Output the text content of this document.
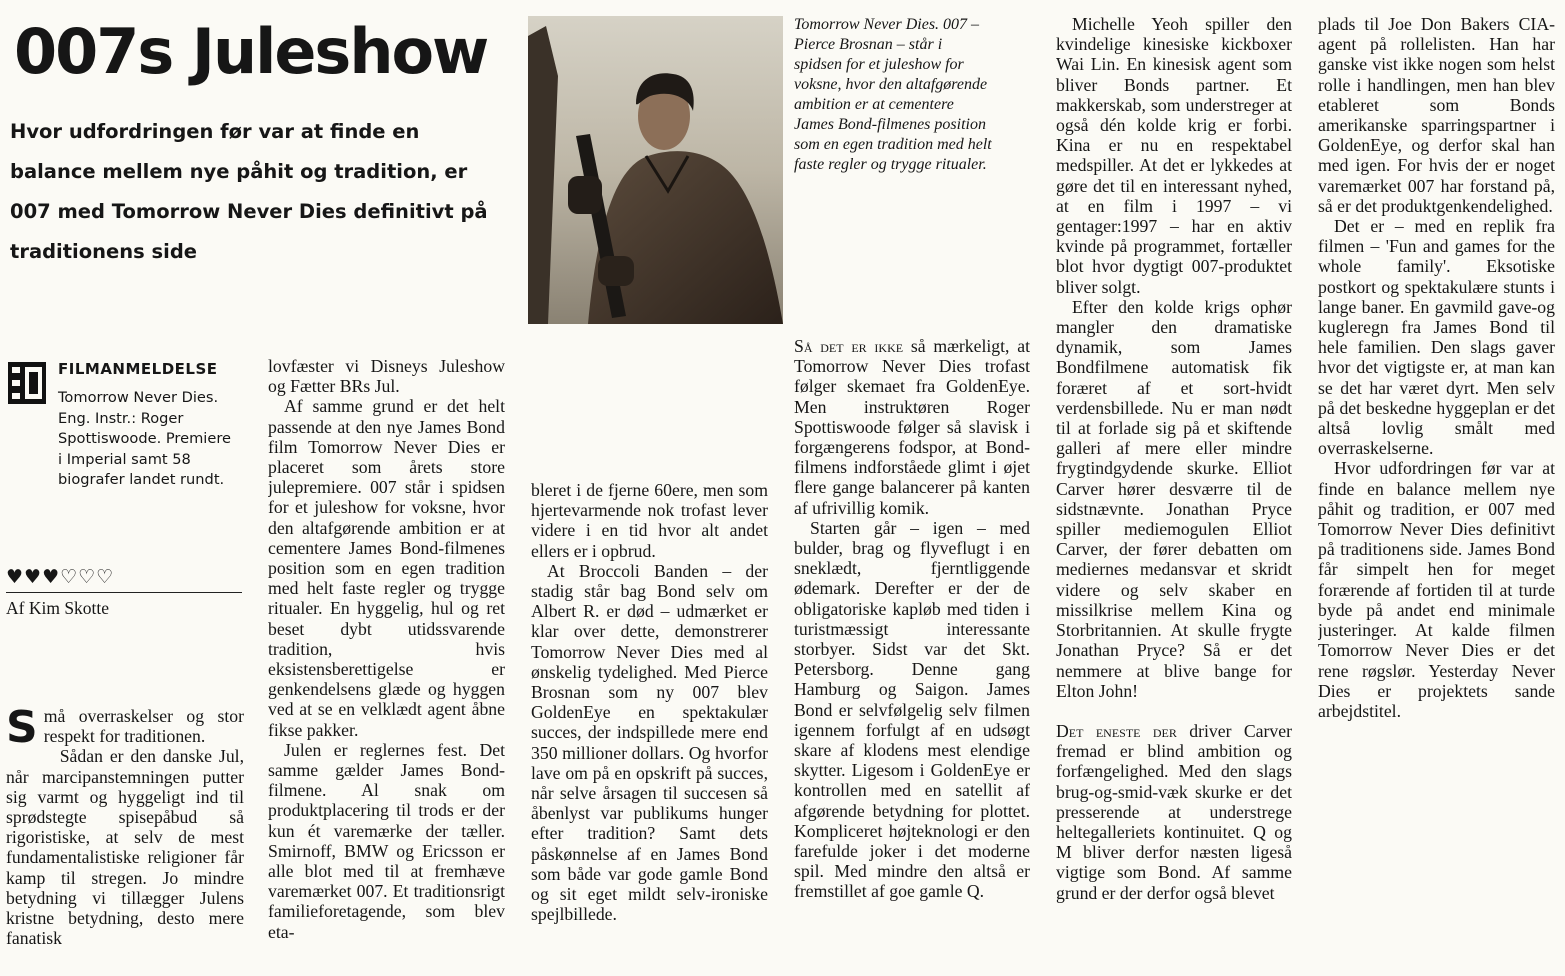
007s Juleshow

Hvor udfordringen før var at finde en balance mellem nye påhit og tradition, er 007 med Tomorrow Never Dies definitivt på traditionens side

Tomorrow Never Dies. 007 – Pierce Brosnan – står i spidsen for et juleshow for voksne, hvor den altafgørende ambition er at cementere James Bond-filmenes position som en egen tradition med helt faste regler og trygge ritualer.

FILMANMELDELSE

Tomorrow Never Dies. Eng. Instr.: Roger Spottiswoode. Premiere i Imperial samt 58 biografer landet rundt.

♥♥♥♡♡♡

Af Kim Skotte

Små overraskelser og stor respekt for traditionen.

Sådan er den danske Jul, når marcipanstemningen putter sig varmt og hyggeligt ind til sprødstegte spisepåbud så rigoristiske, at selv de mest fundamentalistiske religioner får kamp til stregen. Jo mindre betydning vi tillægger Julens kristne betydning, desto mere fanatisk

lovfæster vi Disneys Juleshow og Fætter BRs Jul.

Af samme grund er det helt passende at den nye James Bond film Tomorrow Never Dies er placeret som årets store julepremiere. 007 står i spidsen for et juleshow for voksne, hvor den altafgørende ambition er at cementere James Bond-filmenes position som en egen tradition med helt faste regler og trygge ritualer. En hyggelig, hul og ret beset dybt utidssvarende tradition, hvis eksistensberettigelse er genkendelsens glæde og hyggen ved at se en velklædt agent åbne fikse pakker.

Julen er reglernes fest. Det samme gælder James Bond-filmene. Al snak om produktplacering til trods er der kun ét varemærke der tæller. Smirnoff, BMW og Ericsson er alle blot med til at fremhæve varemærket 007. Et traditionsrigt familieforetagende, som blev eta-

bleret i de fjerne 60ere, men som hjertevarmende nok trofast lever videre i en tid hvor alt andet ellers er i opbrud.

At Broccoli Banden – der stadig står bag Bond selv om Albert R. er død – udmærket er klar over dette, demonstrerer Tomorrow Never Dies med al ønskelig tydelighed. Med Pierce Brosnan som ny 007 blev GoldenEye en spektakulær succes, der indspillede mere end 350 millioner dollars. Og hvorfor lave om på en opskrift på succes, når selve årsagen til succesen så åbenlyst var publikums hunger efter tradition? Samt dets påskønnelse af en James Bond som både var gode gamle Bond og sit eget mildt selv-ironiske spejlbillede.

Så det er ikke så mærkeligt, at Tomorrow Never Dies trofast følger skemaet fra GoldenEye. Men instruktøren Roger Spottiswoode følger så slavisk i forgængerens fodspor, at Bond-filmens indforståede glimt i øjet flere gange balancerer på kanten af ufrivillig komik.

Starten går – igen – med bulder, brag og flyveflugt i en sneklædt, fjerntliggende ødemark. Derefter er der de obligatoriske kapløb med tiden i turistmæssigt interessante storbyer. Sidst var det Skt. Petersborg. Denne gang Hamburg og Saigon. James Bond er selvfølgelig selv filmen igennem forfulgt af en udsøgt skare af klodens mest elendige skytter. Ligesom i GoldenEye er kontrollen med en satellit af afgørende betydning for plottet. Kompliceret højteknologi er den farefulde joker i det moderne spil. Med mindre den altså er fremstillet af goe gamle Q.

Michelle Yeoh spiller den kvindelige kinesiske kickboxer Wai Lin. En kinesisk agent som bliver Bonds partner. Et makkerskab, som understreger at også dén kolde krig er forbi. Kina er nu en respektabel medspiller. At det er lykkedes at gøre det til en interessant nyhed, at en film i 1997 – vi gentager:1997 – har en aktiv kvinde på programmet, fortæller blot hvor dygtigt 007-produktet bliver solgt.

Efter den kolde krigs ophør mangler den dramatiske dynamik, som James Bondfilmene automatisk fik foræret af et sort-hvidt verdensbillede. Nu er man nødt til at forlade sig på et skiftende galleri af mere eller mindre frygtindgydende skurke. Elliot Carver hører desværre til de sidstnævnte. Jonathan Pryce spiller mediemogulen Elliot Carver, der fører debatten om mediernes medansvar et skridt videre og selv skaber en missilkrise mellem Kina og Storbritannien. At skulle frygte Jonathan Pryce? Så er det nemmere at blive bange for Elton John!

Det eneste der driver Carver fremad er blind ambition og forfængelighed. Med den slags brug-og-smid-væk skurke er det presserende at understrege heltegalleriets kontinuitet. Q og M bliver derfor næsten ligeså vigtige som Bond. Af samme grund er der derfor også blevet

plads til Joe Don Bakers CIA-agent på rollelisten. Han har ganske vist ikke nogen som helst rolle i handlingen, men han blev etableret som Bonds amerikanske sparringspartner i GoldenEye, og derfor skal han med igen. For hvis der er noget varemærket 007 har forstand på, så er det produktgenkendelighed.

Det er – med en replik fra filmen – 'Fun and games for the whole family'. Eksotiske postkort og spektakulære stunts i lange baner. En gavmild gave-og kugleregn fra James Bond til hele familien. Den slags gaver hvor det vigtigste er, at man kan se det har været dyrt. Men selv på det beskedne hyggeplan er det altså lovlig smålt med overraskelserne.

Hvor udfordringen før var at finde en balance mellem nye påhit og tradition, er 007 med Tomorrow Never Dies definitivt på traditionens side. James Bond får simpelt hen for meget forærende af fortiden til at turde byde på andet end minimale justeringer. At kalde filmen Tomorrow Never Dies er det rene røgslør. Yesterday Never Dies er projektets sande arbejdstitel.
